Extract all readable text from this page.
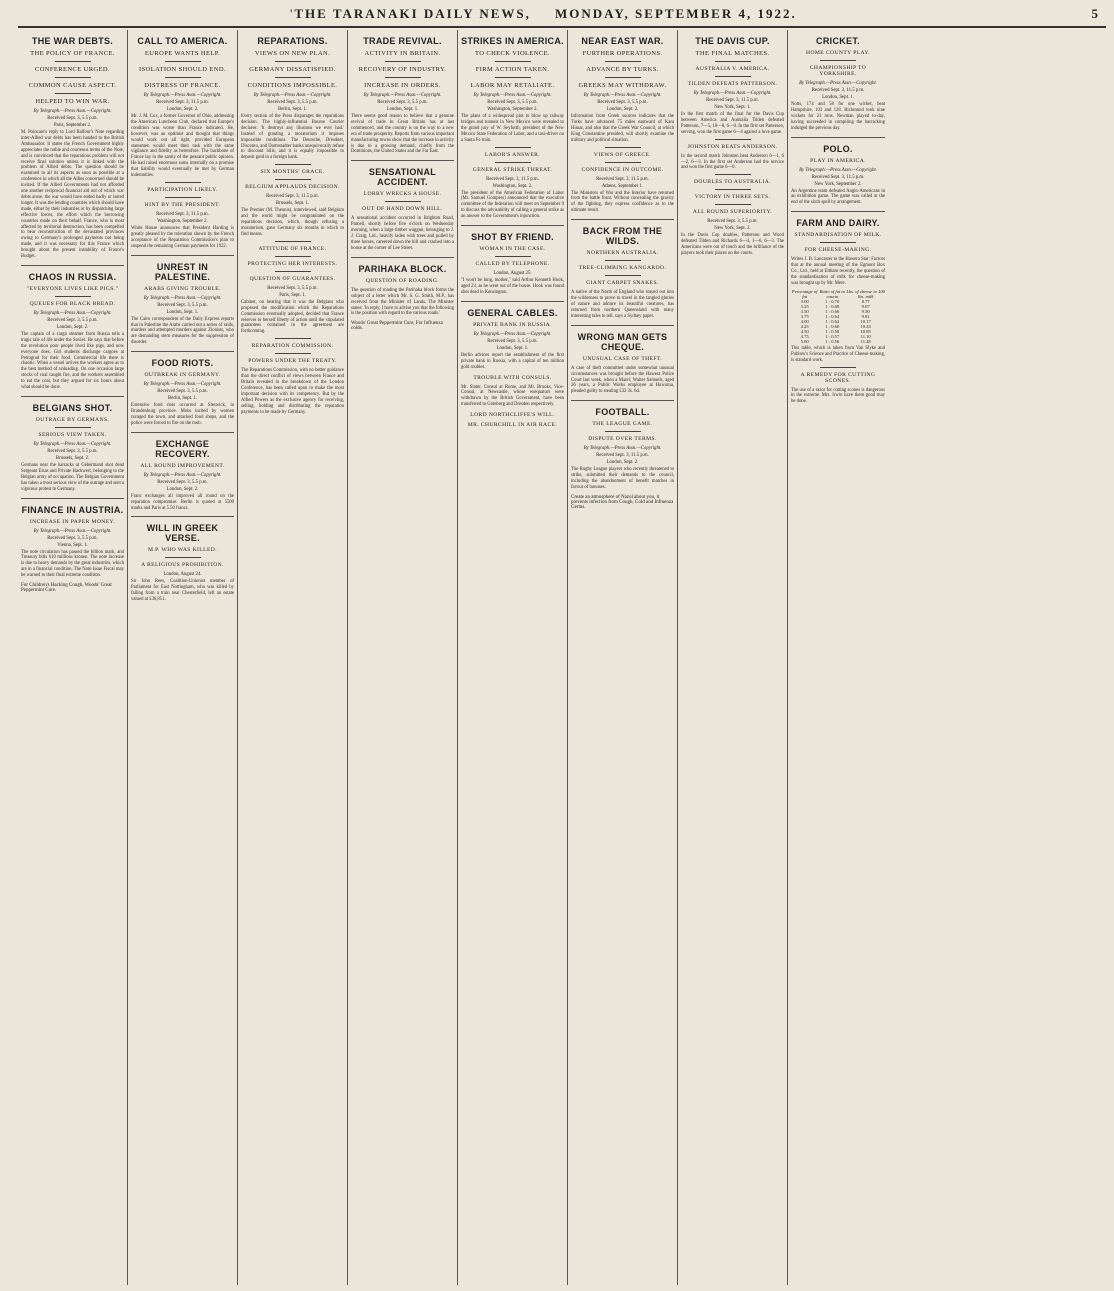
'THE TARANAKI DAILY NEWS, MONDAY, SEPTEMBER 4, 1922.	5
THE WAR DEBTS.
THE POLICY OF FRANCE.
CONFERENCE URGED.
COMMON CAUSE ASPECT.
HELPED TO WIN WAR.
By Telegraph.—Press Assn.—Copyright.
Received Sept. 3, 5.5 p.m.
Paris, September 2.
M. Poincare's reply to Lord Balfour's Note regarding inter-Allied war debts has been handed to the British Ambassador. It states the French Government highly appreciates the noble and courteous terms of the Note, and is convinced that the reparations problem will not receive final solution unless it is linked with the problem of Allied debts. The question should be examined in all its aspects as soon as possible at a conference in which all the Allies concerned should be invited. If the Allied Governments had not afforded one another reciprocal financial aid out of which war debts arose, the war would have ended badly or lasted longer. It was the lending countries which should have made, either by their industries or by dispatching large effective forces, the effort which the borrowing countries made on their behalf. France, who is most affected by territorial destruction, has been compelled to bear reconstruction of the devastated provinces owing to Germany's prolonged payments not being made, and it was necessary for this France which brought about the present instability of France's Budget.
CHAOS IN RUSSIA.
"EVERYONE LIVES LIKE PIGS."
QUEUES FOR BLACK BREAD.
By Telegraph.—Press Assn.—Copyright.
Received Sept. 3, 5.5 p.m.
London, Sept. 2.
The captain of a cargo steamer from Russia tells a tragic tale of life under the Soviet. He says that before the revolution poor people lived like pigs, and now everyone does. Girl students discharge cargoes at Petrograd for their food. Commercial life there is chaotic. When a vessel arrives the workers agree as to the best method of unloading. On one occasion large stocks of coal caught fire, and the workers assembled to eat the coal, but they argued for six hours about what should be done.
BELGIANS SHOT.
OUTRAGE BY GERMANS.
SERIOUS VIEW TAKEN.
By Telegraph.—Press Assn.—Copyright.
Received Sept. 3, 5.5 p.m.
Brussels, Sept. 2.
Germans near the barracks at Gebermand shot dead Sergeant Elsas and Private Hackwert, belonging to the Belgian army of occupation. The Belgian Government has taken a most serious view of the outrage and sent a vigorous protest to Germany.
FINANCE IN AUSTRIA.
INCREASE IN PAPER MONEY.
By Telegraph.—Press Assn.—Copyright.
Received Sept. 3, 5.5 p.m.
Vienna, Sept. 1.
The note circulation has passed the billion mark, and Treasury bills 610 millions kronen. The note increase is due to heavy demands by the great industries, which are in a financial condition. The Note Issue Fiscal may be warned to their final extreme condition.
For Children's Hacking Cough, Woods' Great Peppermint Cure.
CALL TO AMERICA.
EUROPE WANTS HELP.
ISOLATION SHOULD END.
DISTRESS OF FRANCE.
By Telegraph.—Press Assn.—Copyright.
Received Sept. 3, 11.5 p.m.
London, Sept. 2.
Mr. J. M. Cox, a former Governor of Ohio, addressing the American Luncheon Club, declared that Europe's condition was worse than France indicated. He, however, was an optimist and thought that things would work out all right, provided European statesmen would meet their task with the same vigilance and fidelity as heretofore. The backbone of France lay in the sanity of the peasant public opinion. He had raised enormous sums internally on a promise that liability would eventually be met by German indemnities.
PARTICIPATION LIKELY.
HINT BY THE PRESIDENT.
Received Sept. 3, 11.5 p.m.
Washington, September 2.
White House announces that President Harding is greatly pleased by the toleration shown by the French acceptance of the Reparation Commission's plan to suspend the remaining German payments for 1922.
UNREST IN PALESTINE.
ARABS GIVING TROUBLE.
By Telegraph.—Press Assn.—Copyright.
Received Sept. 3, 5.5 p.m.
London, Sept. 1.
The Cairo correspondent of the Daily Express reports that in Palestine the Arabs carried out a series of raids, murders and attempted murders against Zionists, who are demanding stern measures for the suppression of disorder.
FOOD RIOTS.
OUTBREAK IN GERMANY.
By Telegraph.—Press Assn.—Copyright.
Received Sept. 3, 5.5 p.m.
Berlin, Sept. 1.
Extensive food riots occurred at Sleswick, in Brandenburg province. Mobs incited by women ravaged the town, and attacked food shops, and the police were forced to fire on the mob.
EXCHANGE RECOVERY.
ALL ROUND IMPROVEMENT.
By Telegraph.—Press Assn.—Copyright.
Received Sept. 3, 5.5 p.m.
London, Sept. 2.
Franc exchanges all improved all round on the reparation compromise. Berlin is quoted at 5500 marks and Paris at 5.50 francs.
WILL IN GREEK VERSE.
M.P. WHO WAS KILLED.
A RELIGIOUS PROHIBITION.
London, August 24.
Sir John Rees, Coalition-Unionist member of Parliament for East Nottingham, who was killed by falling from a train near Chesterfield, left an estate valued at £36,851.
REPARATIONS.
VIEWS ON NEW PLAN.
GERMANY DISSATISFIED.
CONDITIONS IMPOSSIBLE.
By Telegraph.—Press Assn.—Copyright.
Received Sept. 3, 5.5 p.m.
Berlin, Sept. 1.
Every section of the Press disparages the reparations decision. The highly-influential Bourse Courier declares: 'It destroys any illusions we ever had.' Instead of granting a moratorium it imposes impossible conditions. The Deutsche, Dresdner, Disconto, and Darmstadter banks unequivocally refuse to discount bills, and it is equally impossible to deposit gold in a foreign bank.
SIX MONTHS' GRACE.
BELGIUM APPLAUDS DECISION.
Received Sept. 3, 11.5 p.m.
Brussels, Sept. 1.
The Premier (M. Theunis), interviewed, said Belgium and the world might be congratulated on the reparations decision, which, though refusing a moratorium, gave Germany six months in which to find means.
ATTITUDE OF FRANCE.
PROTECTING HER INTERESTS.
QUESTION OF GUARANTEES.
Received Sept. 3, 5.5 p.m.
Paris, Sept. 1.
Cabinet, on hearing that it was the Belgians who proposed the modification which the Reparations Commission eventually adopted, decided that France reserves to herself liberty of action until the stipulated guarantees contained in the agreement are forthcoming.
REPARATION COMMISSION.
POWERS UNDER THE TREATY.
The Reparations Commission, with no better guidance than the direct conflict of views between France and Britain revealed in the breakdown of the London Conference, has been called upon to make the most important decision with its competency. But by the Allied Powers as the exclusive agency for receiving, selling, holding and distributing the reparation payments to be made by Germany.
TRADE REVIVAL.
ACTIVITY IN BRITAIN.
RECOVERY OF INDUSTRY.
INCREASE IN ORDERS.
By Telegraph.—Press Assn.—Copyright.
Received Sept. 3, 5.5 p.m.
London, Sept. 1.
There seems good reason to believe that a genuine revival of trade in Great Britain has at last commenced, and the country is on the way to a new era of trade prosperity. Reports from various important manufacturing towns show that the increase in activity is due to a growing demand, chiefly from the Dominions, the United States and the Far East.
SENSATIONAL ACCIDENT.
LORRY WRECKS A HOUSE.
OUT OF HAND DOWN HILL.
A sensational accident occurred in Brighton Road, Parnell, shortly before five o'clock on Wednesday morning, when a large timber waggon, belonging to J. J. Craig, Ltd., heavily laden with trees and pulled by three horses, careered down the hill and crashed into a house at the corner of Lee Street.
PARIHAKA BLOCK.
QUESTION OF ROADING.
The question of roading the Parihaka block forms the subject of a letter which Mr. S. G. Smith, M.P., has received from the Minister of Lands. The Minister states: 'In reply, I have to advise you that the following is the position with regard to the various roads.'
Woods' Great Peppermint Cure, For Influenza colds.
STRIKES IN AMERICA.
TO CHECK VIOLENCE.
FIRM ACTION TAKEN.
LABOR MAY RETALIATE.
By Telegraph.—Press Assn.—Copyright.
Received Sept. 3, 5.5 p.m.
Washington, September 2.
The plans of a widespread plot to blow up railway bridges and tunnels in New Mexico were revealed to the grand jury of W. Seyforth, president of the New Mexico State Federation of Labor, and a taxi-driver on a Santa Fe train.
LABOR'S ANSWER.
GENERAL STRIKE THREAT.
Received Sept. 3, 11.5 p.m.
Washington, Sept. 2.
The president of the American Federation of Labor (Mr. Samuel Gompers) announced that the executive committee of the federation will meet on September 9 to discuss the advisability of calling a general strike as an answer to the Government's injunction.
SHOT BY FRIEND.
WOMAN IN THE CASE.
CALLED BY TELEPHONE.
London, August 25.
"I won't be long, mother," said Arthur Kenneth Hook, aged 23, as he went out of the house. Hook was found shot dead in Kensington.
GENERAL CABLES.
PRIVATE BANK IN RUSSIA.
By Telegraph.—Press Assn.—Copyright.
Received Sept. 3, 5.5 p.m.
London, Sept. 1.
Berlin advices report the establishment of the first private bank in Russia, with a capital of ten million gold roubles.
TROUBLE WITH CONSULS.
Mr. Slater, Consul at Rome, and Mr. Brooks, Vice-Consul, at Newcastle, whose exequaturs were withdrawn by the British Government, have been transferred to Goteborg and Dresden respectively.
LORD NORTHCLIFFE'S WILL.
MR. CHURCHILL IN AIR RACE.
NEAR EAST WAR.
FURTHER OPERATIONS.
ADVANCE BY TURKS.
GREEKS MAY WITHDRAW.
By Telegraph.—Press Assn.—Copyright.
Received Sept. 3, 5.5 p.m.
London, Sept. 2.
Information from Greek sources indicates that the Turks have advanced 75 miles eastward of Kara Hissar, and also that the Greek War Council, at which King Constantine presided, will shortly examine the military and political situation.
VIEWS OF GREECE.
CONFIDENCE IN OUTCOME.
Received Sept. 3, 11.5 p.m.
Athens, September 1.
The Ministers of War and the Interior have returned from the battle front. Without concealing the gravity of the fighting, they express confidence as to the ultimate result.
BACK FROM THE WILDS.
NORTHERN AUSTRALIA.
TREE-CLIMBING KANGAROO.
GIANT CARPET SNAKES.
A native of the North of England who stayed out into the wilderness to prove to travel in the tangled glories of nature and admire its beautiful creatures, has returned from northern Queensland with many interesting tales to tell, says a Sydney paper.
WRONG MAN GETS CHEQUE.
UNUSUAL CASE OF THEFT.
A case of theft committed under somewhat unusual circumstances was brought before the Hawera Police Court last week, when a Maori, Walter Samuels, aged 26 years, a Public Works employee at Hawarua, pleaded guilty to stealing £32 3s. 6d.
FOOTBALL.
THE LEAGUE GAME.
DISPUTE OVER TERMS.
By Telegraph.—Press Assn.—Copyright.
Received Sept. 3, 11.5 p.m.
London, Sept. 2.
The Rugby League players who recently threatened to strike, submitted their demands to the council, including the abandonment of benefit matches in favour of bonuses.
Create an atmosphere of Nazol about you, it prevents infection from Cough, Cold and Influenza Germs.
THE DAVIS CUP.
THE FINAL MATCHES.
AUSTRALIA V. AMERICA.
TILDEN DEFEATS PATTERSON.
By Telegraph.—Press Assn.—Copyright.
Received Sept. 3, 11.5 p.m.
New York, Sept. 1.
In the first match of the final for the Davis Cup between America and Australia Tilden defeated Patterson, 7—5, 10—8, 6—0. In the first set Patterson, serving, won the first game 6—4 against a love game.
JOHNSTON BEATS ANDERSON.
In the second match Johnston beat Anderson 6—1, 6—2, 6—3. In the first set Anderson had the service and won the first game 6—0.
DOUBLES TO AUSTRALIA.
VICTORY IN THREE SETS.
ALL ROUND SUPERIORITY.
Received Sept. 3, 5.5 p.m.
New York, Sept. 2.
In the Davis Cup doubles, Patterson and Wood defeated Tilden and Richards 6—4, 1—6, 6—3. The Americans were out of touch and the brilliance of the players took their places on the courts.
CRICKET.
HOME COUNTY PLAY.
CHAMPIONSHIP TO YORKSHIRE.
By Telegraph.—Press Assn.—Copyright.
Received Sept. 3, 11.5 p.m.
London, Sept. 1.
Notts, 174 and 58 for one wicket, beat Hampshire, 103 and 128. Richmond took nine wickets for 21 runs. Newman played to-day, having succeeded in compiling the barracking indulged the previous day.
POLO.
PLAY IN AMERICA.
By Telegraph.—Press Assn.—Copyright.
Received Sept. 3, 11.5 p.m.
New York, September 2.
An Argentine team defeated Anglo-Americans in an exhibition game. The game was called at the end of the sixth spell by arrangement.
FARM AND DAIRY.
STANDARDISATION OF MILK.
FOR CHEESE-MAKING.
Writes J. B. Lancaster to the Hawera Star: Factors that at the annual meeting of the Egmont Box Co., Ltd., held at Eltham recently, the question of the standardisation of milk for cheese-making was brought up by Mr. Mere.
Percentage of fat	Ratio of fat to casein	Lbs. of cheese to 100 lbs. milk
3.00	1 : 0.70	8.77
3.25	1 : 0.68	9.07
3.50	1 : 0.66	9.50
3.75	1 : 0.64	9.81
4.00	1 : 0.62	10.17
4.25	1 : 0.60	10.43
4.50	1 : 0.58	10.85
4.75	1 : 0.57	11.10
5.00	1 : 0.56	11.48
This table, which is taken from Van Slyke and Publow's Science and Practice of Cheese-making, is standard work.
A REMEDY FOR CUTTING SCONES.
The use of a razor for cutting scones is dangerous in the extreme. Mrs. Irwin have them good may be done.
